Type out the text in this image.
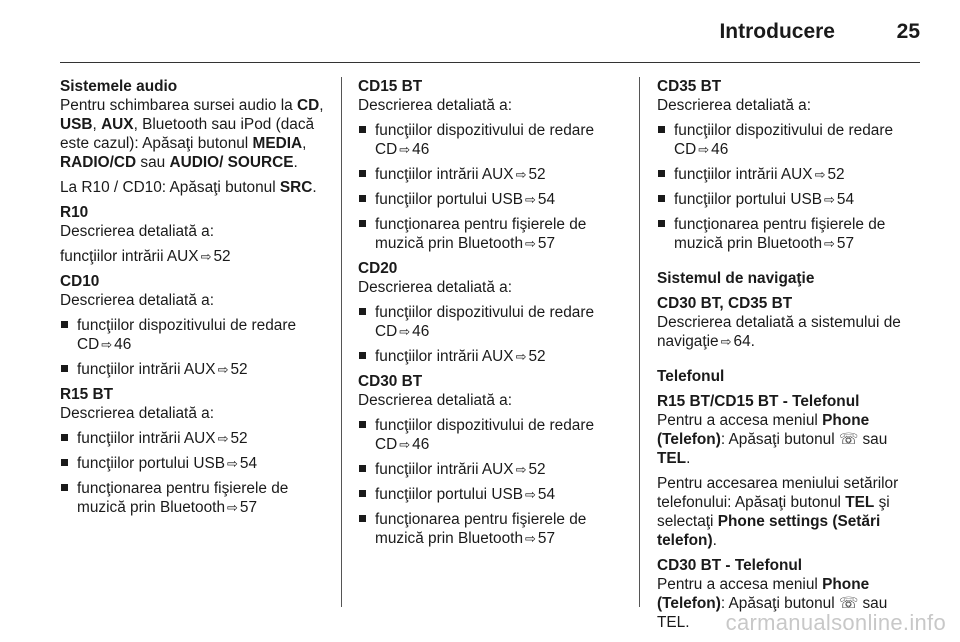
Introducere	25

Sistemele audio

Pentru schimbarea sursei audio la CD, USB, AUX, Bluetooth sau iPod (dacă este cazul): Apăsaţi butonul MEDIA, RADIO/CD sau AUDIO/ SOURCE.

La R10 / CD10: Apăsaţi butonul SRC.

R10

Descrierea detaliată a:

funcţiilor intrării AUX ⇨ 52

CD10

Descrierea detaliată a:

funcţiilor dispozitivului de redare CD ⇨ 46
funcţiilor intrării AUX ⇨ 52

R15 BT

Descrierea detaliată a:

funcţiilor intrării AUX ⇨ 52
funcţiilor portului USB ⇨ 54
funcţionarea pentru fişierele de muzică prin Bluetooth ⇨ 57

CD15 BT

Descrierea detaliată a:

funcţiilor dispozitivului de redare CD ⇨ 46
funcţiilor intrării AUX ⇨ 52
funcţiilor portului USB ⇨ 54
funcţionarea pentru fişierele de muzică prin Bluetooth ⇨ 57

CD20

Descrierea detaliată a:

funcţiilor dispozitivului de redare CD ⇨ 46
funcţiilor intrării AUX ⇨ 52

CD30 BT

Descrierea detaliată a:

funcţiilor dispozitivului de redare CD ⇨ 46
funcţiilor intrării AUX ⇨ 52
funcţiilor portului USB ⇨ 54
funcţionarea pentru fişierele de muzică prin Bluetooth ⇨ 57

CD35 BT

Descrierea detaliată a:

funcţiilor dispozitivului de redare CD ⇨ 46
funcţiilor intrării AUX ⇨ 52
funcţiilor portului USB ⇨ 54
funcţionarea pentru fişierele de muzică prin Bluetooth ⇨ 57

Sistemul de navigaţie

CD30 BT, CD35 BT

Descrierea detaliată a sistemului de navigaţie ⇨ 64.

Telefonul

R15 BT/CD15 BT - Telefonul

Pentru a accesa meniul Phone (Telefon): Apăsaţi butonul ☏ sau TEL.

Pentru accesarea meniului setărilor telefonului: Apăsaţi butonul TEL şi selectaţi Phone settings (Setări telefon).

CD30 BT - Telefonul

Pentru a accesa meniul Phone (Telefon): Apăsaţi butonul ☏ sau TEL.	carmanualsonline.info
